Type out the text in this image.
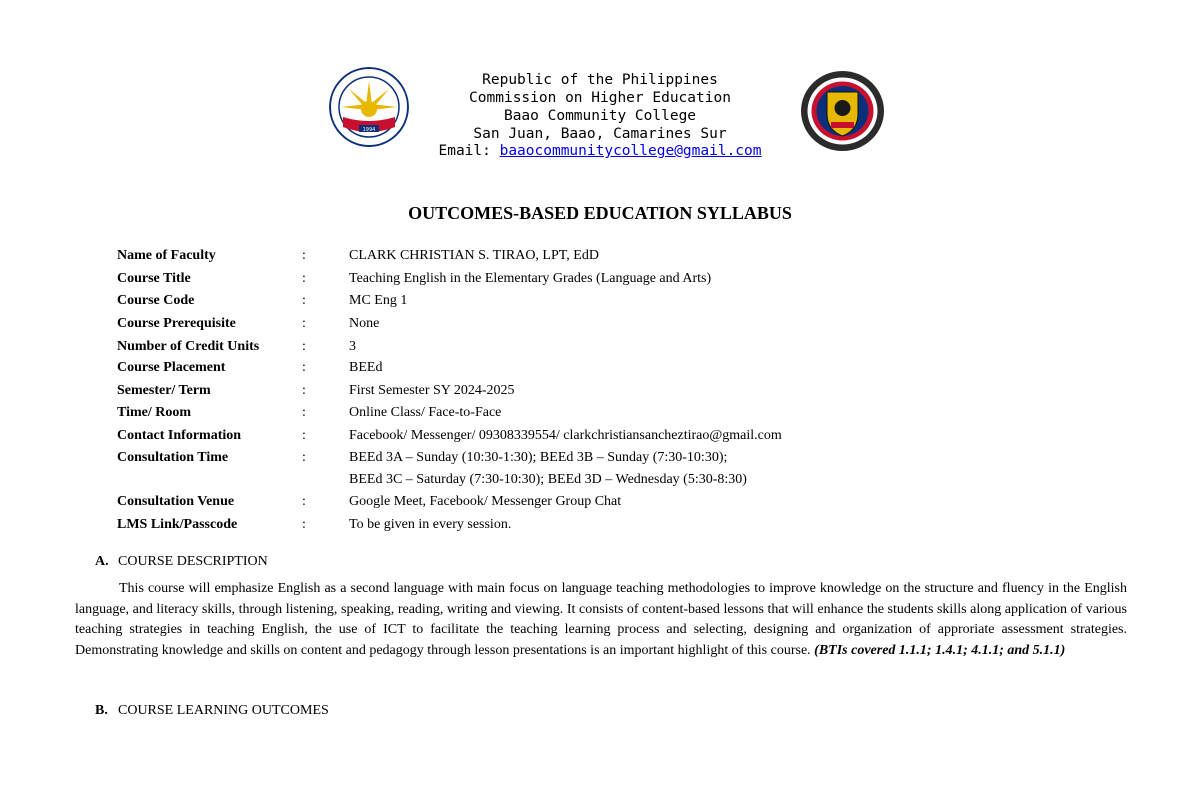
1994
Republic of the Philippines
Commission on Higher Education
Baao Community College
San Juan, Baao, Camarines Sur
Email: baaocommunitycollege@gmail.com
OUTCOMES-BASED EDUCATION SYLLABUS
Name of Faculty	:	CLARK CHRISTIAN S. TIRAO, LPT, EdD
Course Title	:	Teaching English in the Elementary Grades (Language and Arts)
Course Code	:	MC Eng 1
Course Prerequisite	:	None
Number of Credit Units	:	3
Course Placement	:	BEEd
Semester/ Term	:	First Semester SY 2024-2025
Time/ Room	:	Online Class/ Face-to-Face
Contact Information	:	Facebook/ Messenger/ 09308339554/ clarkchristiansancheztirao@gmail.com
Consultation Time	:	BEEd 3A – Sunday (10:30-1:30); BEEd 3B – Sunday (7:30-10:30);
BEEd 3C – Saturday (7:30-10:30); BEEd 3D – Wednesday (5:30-8:30)
Consultation Venue	:	Google Meet, Facebook/ Messenger Group Chat
LMS Link/Passcode	:	To be given in every session.
A. COURSE DESCRIPTION
This course will emphasize English as a second language with main focus on language teaching methodologies to improve knowledge on the structure and fluency in the English language, and literacy skills, through listening, speaking, reading, writing and viewing. It consists of content-based lessons that will enhance the students skills along application of various teaching strategies in teaching English, the use of ICT to facilitate the teaching learning process and selecting, designing and organization of approriate assessment strategies. Demonstrating knowledge and skills on content and pedagogy through lesson presentations is an important highlight of this course. (BTIs covered 1.1.1; 1.4.1; 4.1.1; and 5.1.1)
B. COURSE LEARNING OUTCOMES
